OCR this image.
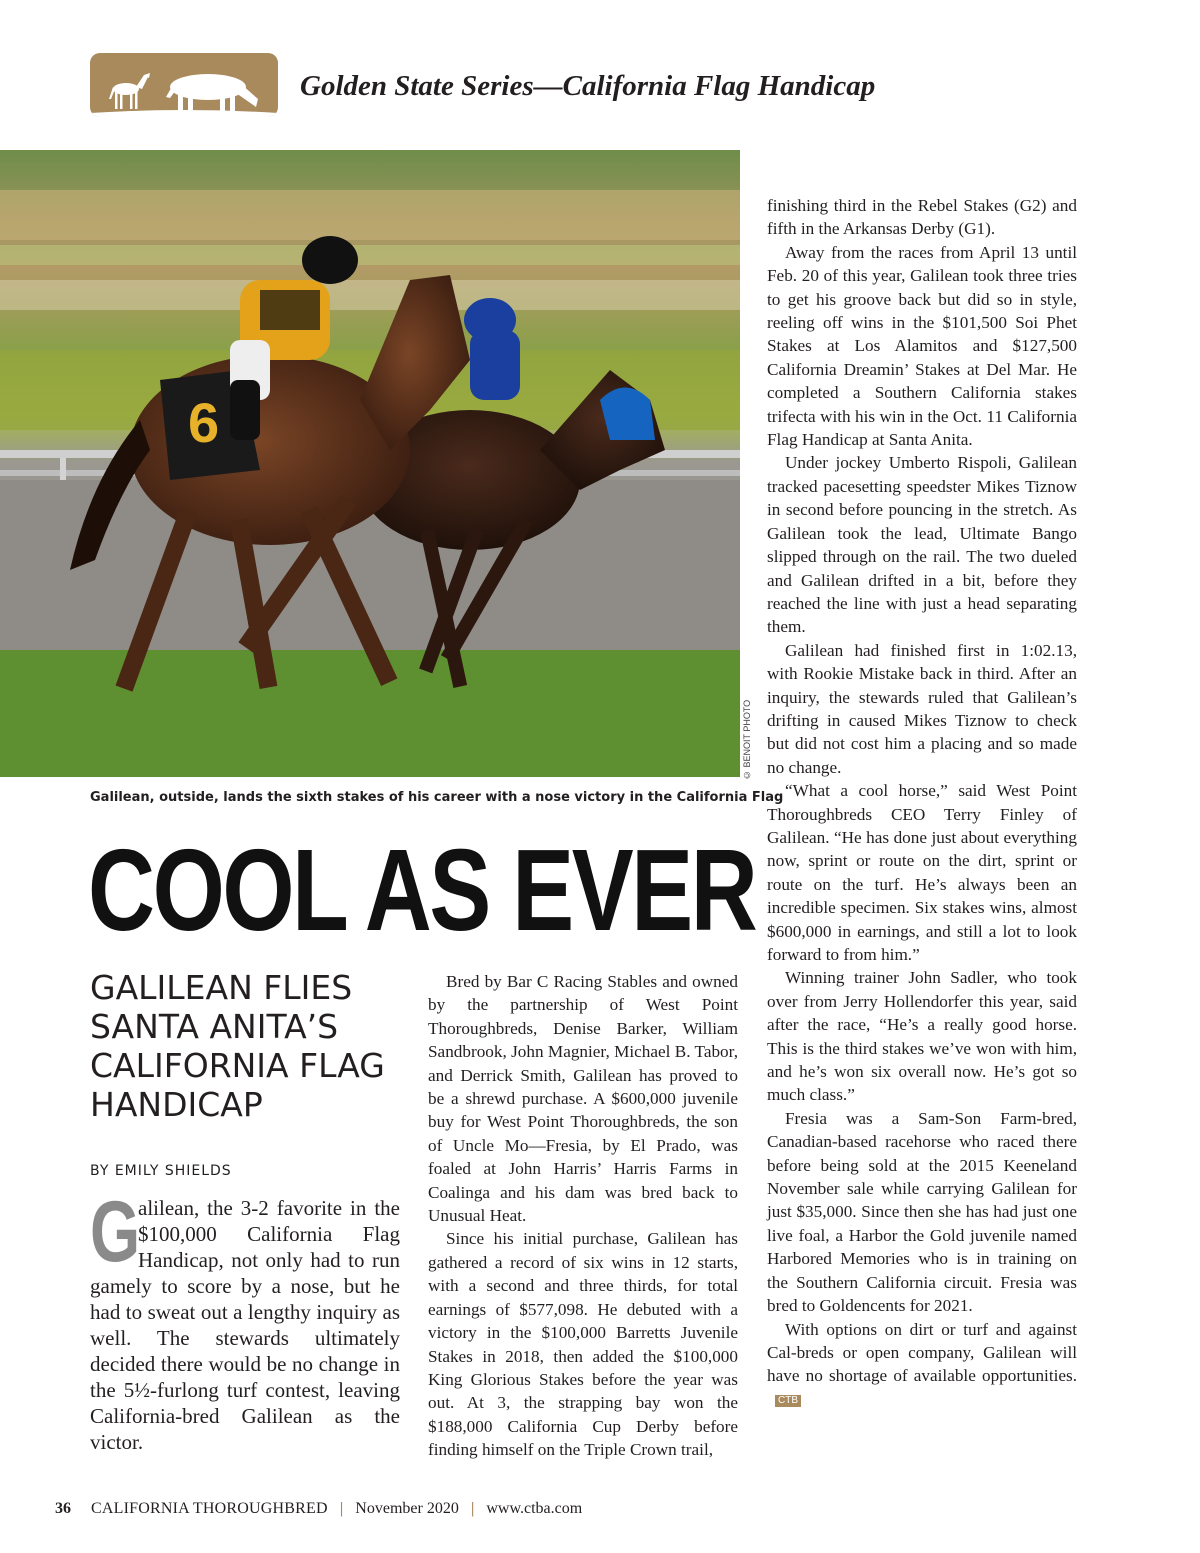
Golden State Series—California Flag Handicap
6
© BENOIT PHOTO
Galilean, outside, lands the sixth stakes of his career with a nose victory in the California Flag
COOL AS EVER
GALILEAN FLIES SANTA ANITA’S CALIFORNIA FLAG HANDICAP
BY EMILY SHIELDS
G
alilean, the 3-2 favorite in the $100,000 California Flag Handicap, not only had to run gamely to score by a nose, but he had to sweat out a lengthy inquiry as well. The stewards ultimately decided there would be no change in the 5½-furlong turf contest, leaving California-bred Galilean as the victor.

Bred by Bar C Racing Stables and owned by the partnership of West Point Thoroughbreds, Denise Barker, William Sandbrook, John Magnier, Michael B. Tabor, and Derrick Smith, Galilean has proved to be a shrewd purchase. A $600,000 juvenile buy for West Point Thoroughbreds, the son of Uncle Mo—Fresia, by El Prado, was foaled at John Harris’ Harris Farms in Coalinga and his dam was bred back to Unusual Heat.

Since his initial purchase, Galilean has gathered a record of six wins in 12 starts, with a second and three thirds, for total earnings of $577,098. He debuted with a victory in the $100,000 Barretts Juvenile Stakes in 2018, then added the $100,000 King Glorious Stakes before the year was out. At 3, the strapping bay won the $188,000 California Cup Derby before finding himself on the Triple Crown trail,

finishing third in the Rebel Stakes (G2) and fifth in the Arkansas Derby (G1).

Away from the races from April 13 until Feb. 20 of this year, Galilean took three tries to get his groove back but did so in style, reeling off wins in the $101,500 Soi Phet Stakes at Los Alamitos and $127,500 California Dreamin’ Stakes at Del Mar. He completed a Southern California stakes trifecta with his win in the Oct. 11 California Flag Handicap at Santa Anita.

Under jockey Umberto Rispoli, Galilean tracked pacesetting speedster Mikes Tiznow in second before pouncing in the stretch. As Galilean took the lead, Ultimate Bango slipped through on the rail. The two dueled and Galilean drifted in a bit, before they reached the line with just a head separating them.

Galilean had finished first in 1:02.13, with Rookie Mistake back in third. After an inquiry, the stewards ruled that Galilean’s drifting in caused Mikes Tiznow to check but did not cost him a placing and so made no change.

“What a cool horse,” said West Point Thoroughbreds CEO Terry Finley of Galilean. “He has done just about everything now, sprint or route on the dirt, sprint or route on the turf. He’s always been an incredible specimen. Six stakes wins, almost $600,000 in earnings, and still a lot to look forward to from him.”

Winning trainer John Sadler, who took over from Jerry Hollendorfer this year, said after the race, “He’s a really good horse. This is the third stakes we’ve won with him, and he’s won six overall now. He’s got so much class.”

Fresia was a Sam-Son Farm-bred, Canadian-based racehorse who raced there before being sold at the 2015 Keeneland November sale while carrying Galilean for just $35,000. Since then she has had just one live foal, a Harbor the Gold juvenile named Harbored Memories who is in training on the Southern California circuit. Fresia was bred to Goldencents for 2021.

With options on dirt or turf and against Cal-breds or open company, Galilean will have no shortage of available opportunities.CTB

36 CALIFORNIA THOROUGHBRED | November 2020 | www.ctba.com
